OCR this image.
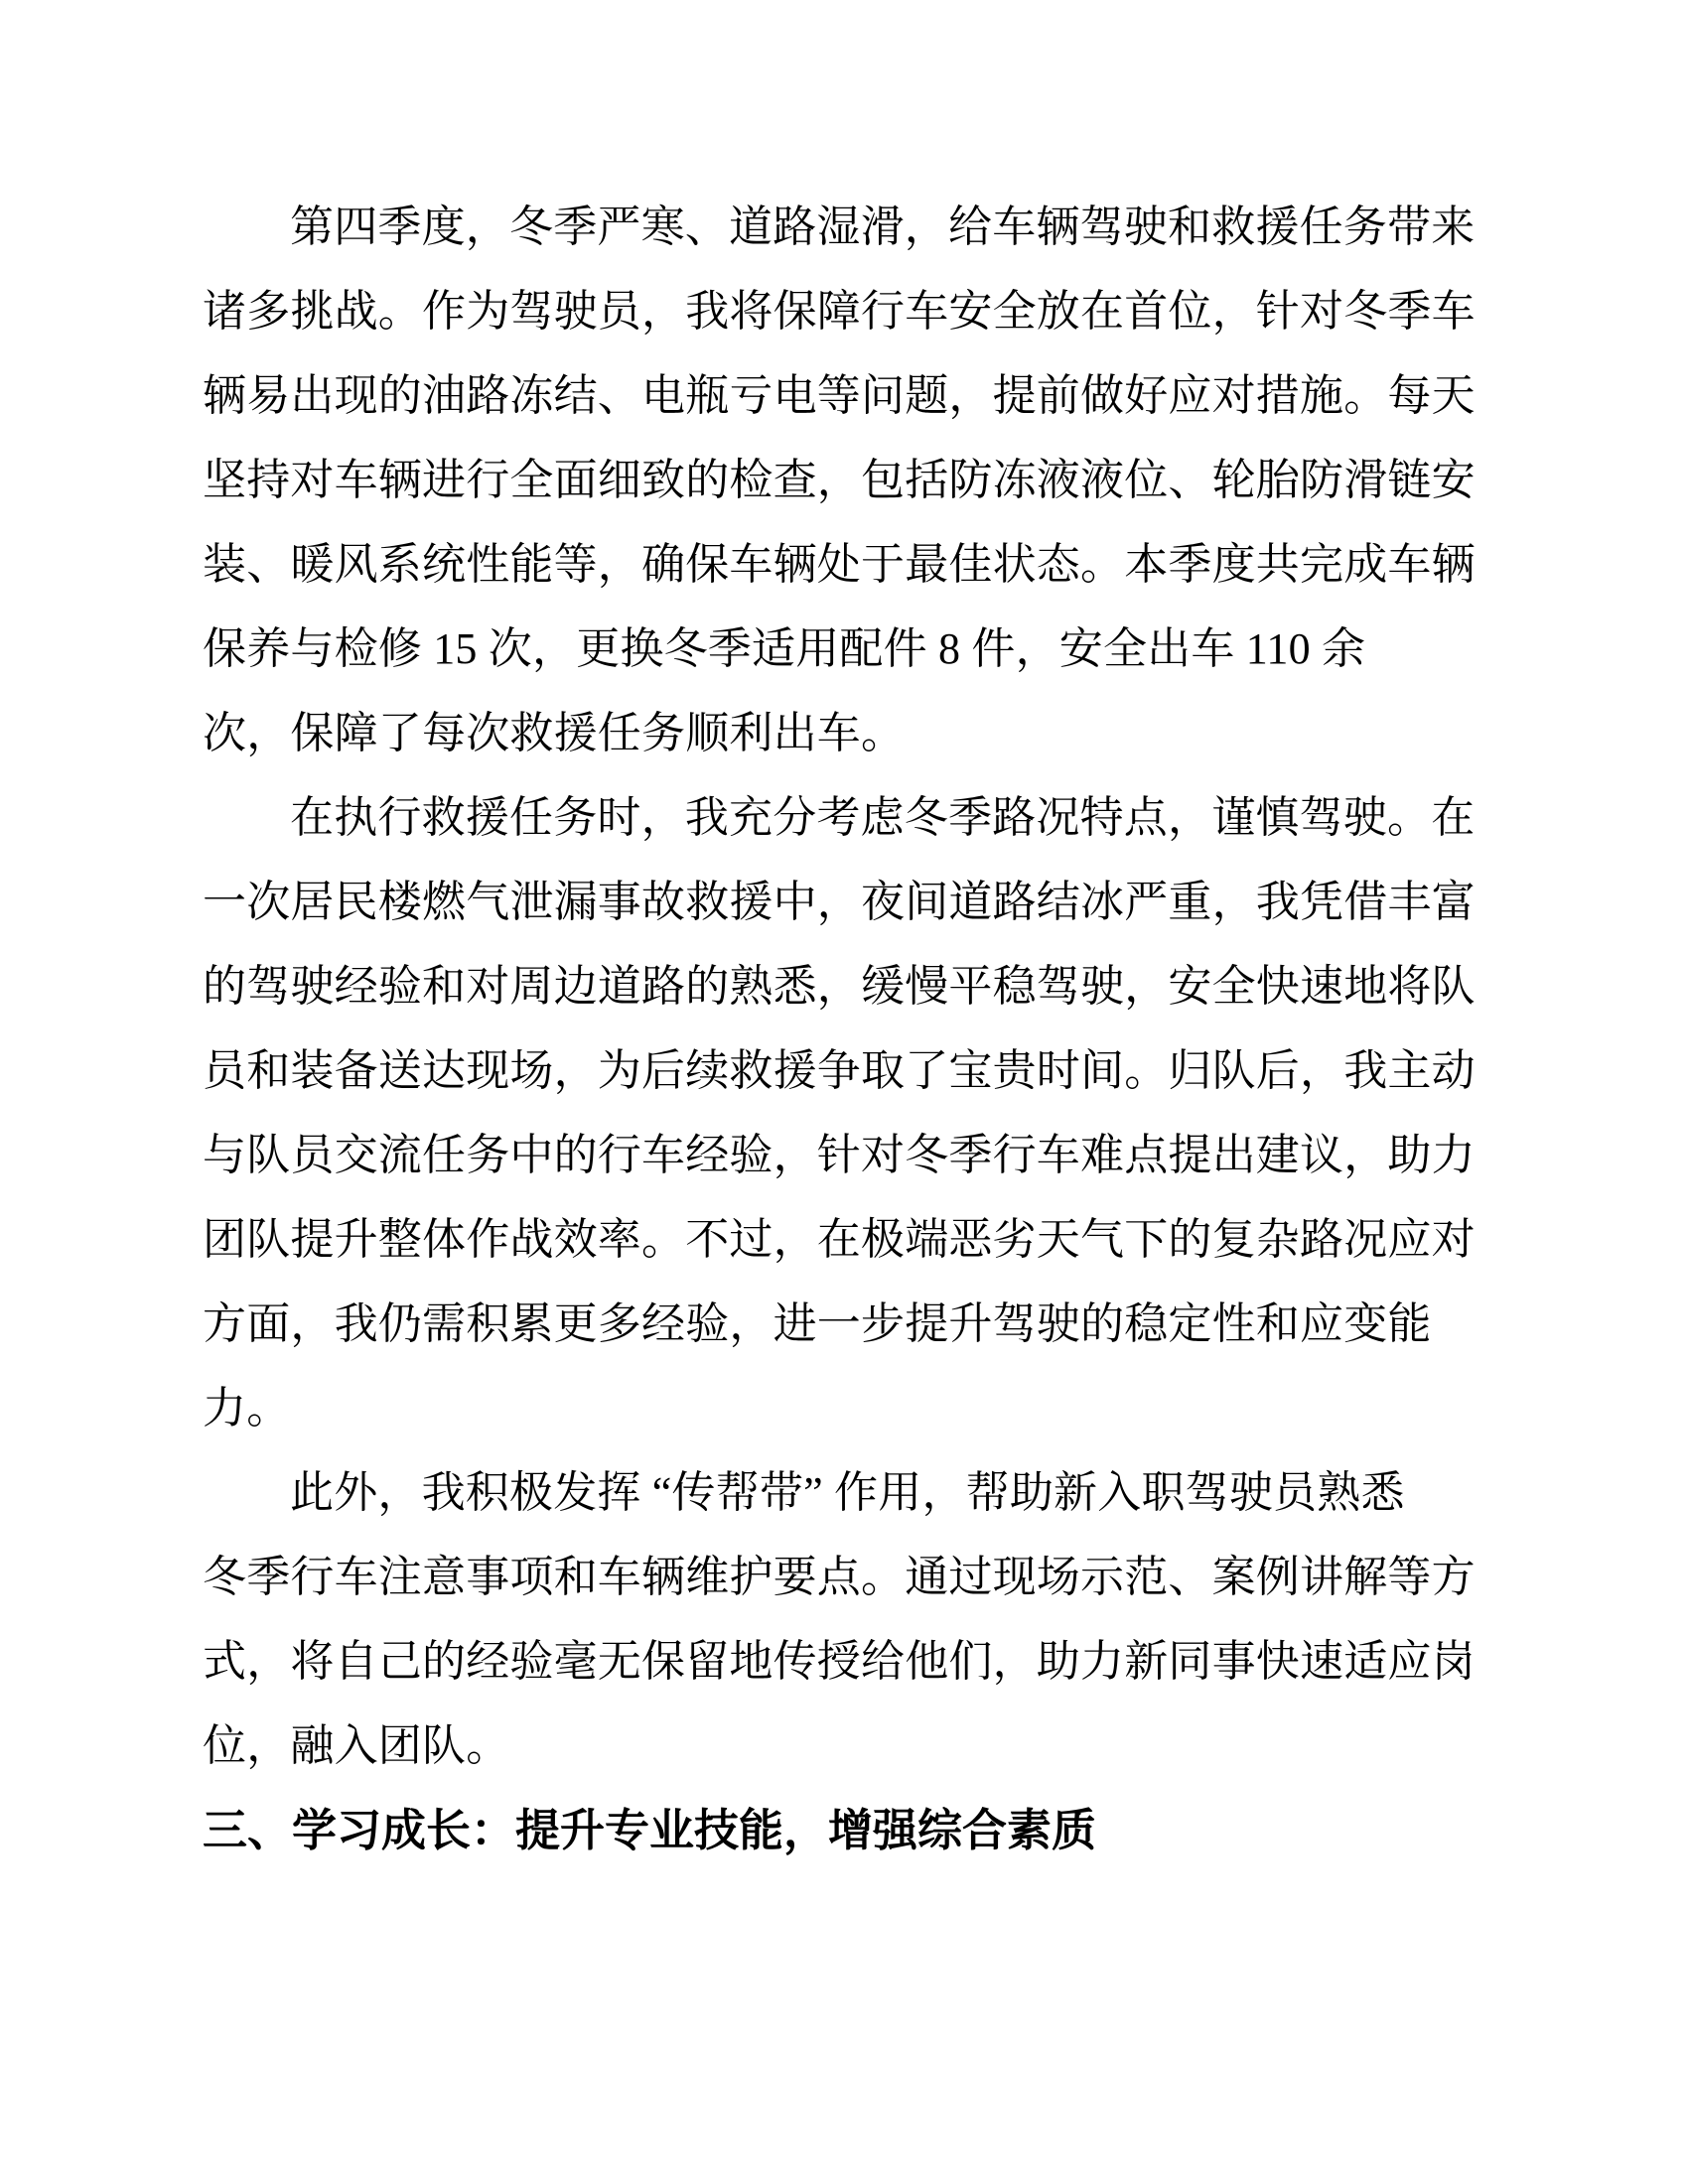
第四季度，冬季严寒、道路湿滑，给车辆驾驶和救援任务带来
诸多挑战。作为驾驶员，我将保障行车安全放在首位，针对冬季车
辆易出现的油路冻结、电瓶亏电等问题，提前做好应对措施。每天
坚持对车辆进行全面细致的检查，包括防冻液液位、轮胎防滑链安
装、暖风系统性能等，确保车辆处于最佳状态。本季度共完成车辆
保养与检修 15 次，更换冬季适用配件 8 件，安全出车 110 余
次，保障了每次救援任务顺利出车。
在执行救援任务时，我充分考虑冬季路况特点，谨慎驾驶。在
一次居民楼燃气泄漏事故救援中，夜间道路结冰严重，我凭借丰富
的驾驶经验和对周边道路的熟悉，缓慢平稳驾驶，安全快速地将队
员和装备送达现场，为后续救援争取了宝贵时间。归队后，我主动
与队员交流任务中的行车经验，针对冬季行车难点提出建议，助力
团队提升整体作战效率。不过，在极端恶劣天气下的复杂路况应对
方面，我仍需积累更多经验，进一步提升驾驶的稳定性和应变能
力。
此外，我积极发挥 “传帮带” 作用，帮助新入职驾驶员熟悉
冬季行车注意事项和车辆维护要点。通过现场示范、案例讲解等方
式，将自己的经验毫无保留地传授给他们，助力新同事快速适应岗
位，融入团队。
三、学习成长：提升专业技能，增强综合素质
